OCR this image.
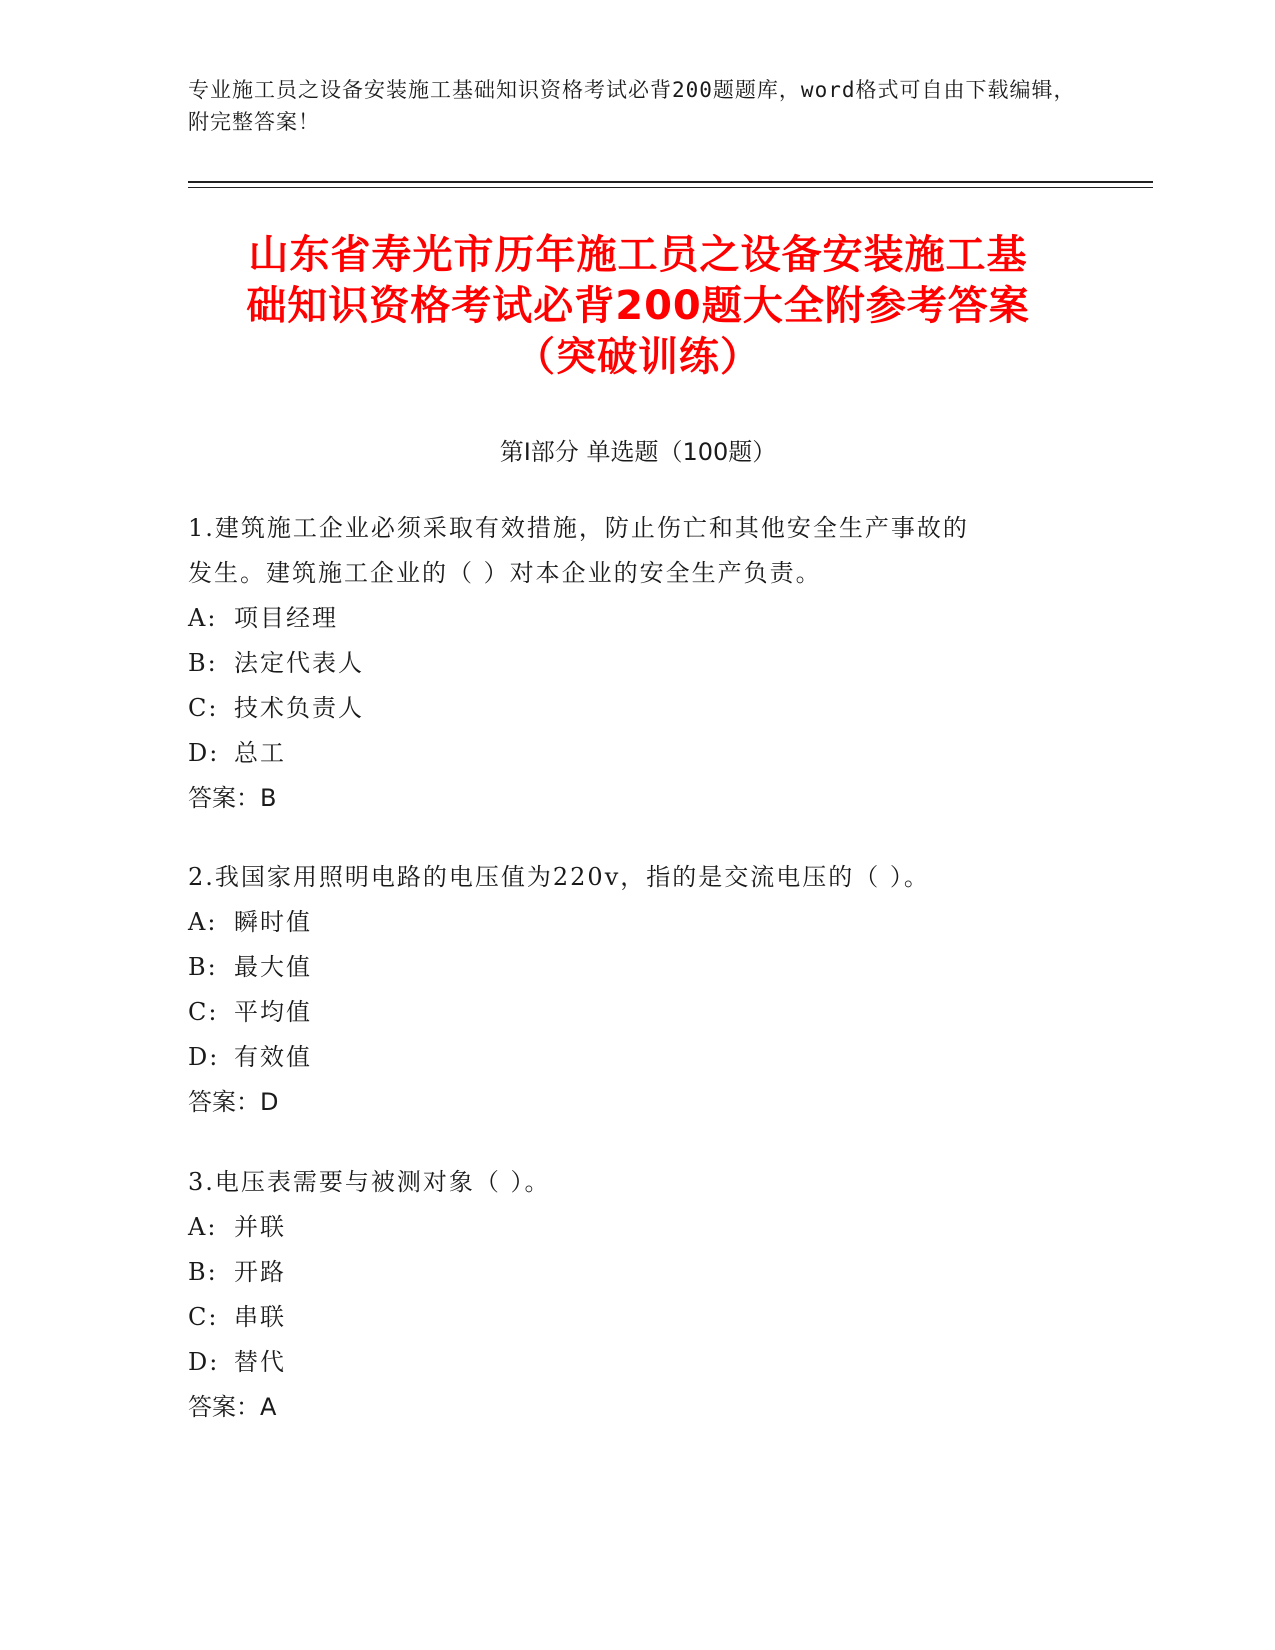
专业施工员之设备安装施工基础知识资格考试必背200题题库，word格式可自由下载编辑，附完整答案！
山东省寿光市历年施工员之设备安装施工基
础知识资格考试必背200题大全附参考答案
（突破训练）
第Ⅰ部分 单选题（100题）

1.建筑施工企业必须采取有效措施，防止伤亡和其他安全生产事故的
发生。建筑施工企业的（ ）对本企业的安全生产负责。

A: 项目经理
B: 法定代表人
C: 技术负责人
D: 总工
答案：B

2.我国家用照明电路的电压值为220v，指的是交流电压的（ ）。

A: 瞬时值
B: 最大值
C: 平均值
D: 有效值
答案：D

3.电压表需要与被测对象（ ）。

A: 并联
B: 开路
C: 串联
D: 替代
答案：A
